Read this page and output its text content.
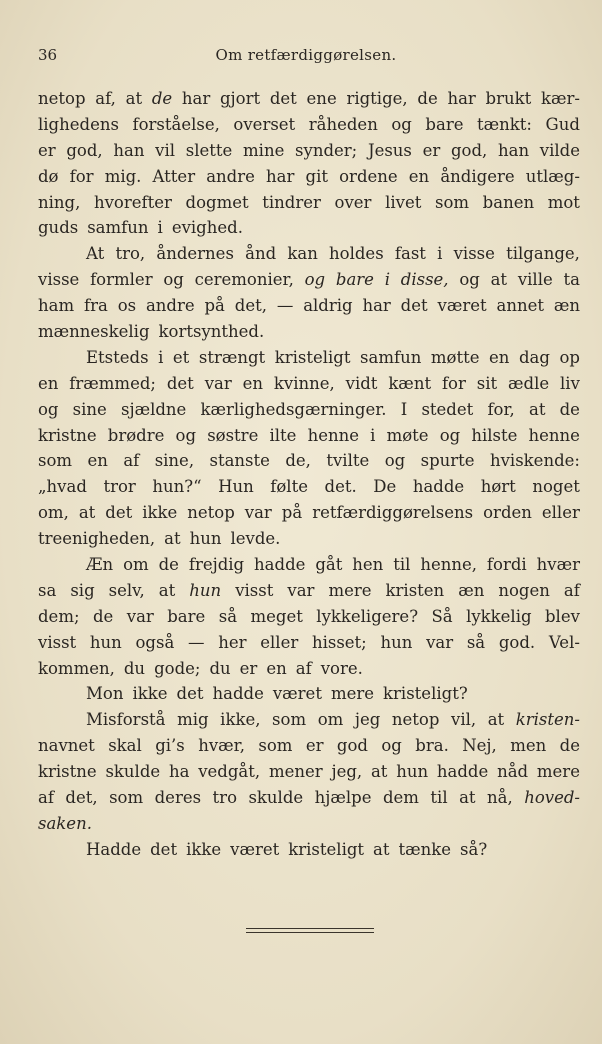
36	Om retfærdiggørelsen.
netop af, at de har gjort det ene rigtige, de har brukt kær-
lighedens forståelse, overset råheden og bare tænkt: Gud
er god, han vil slette mine synder; Jesus er god, han vilde
dø for mig. Atter andre har git ordene en åndigere utlæg-
ning, hvorefter dogmet tindrer over livet som banen mot
guds samfun i evighed.
At tro, åndernes ånd kan holdes fast i visse tilgange,
visse formler og ceremonier, og bare i disse, og at ville ta
ham fra os andre på det, — aldrig har det været annet æn
mænneskelig kortsynthed.
Etsteds i et strængt kristeligt samfun møtte en dag op
en fræmmed; det var en kvinne, vidt kænt for sit ædle liv
og sine sjældne kærlighedsgærninger. I stedet for, at de
kristne brødre og søstre ilte henne i møte og hilste henne
som en af sine, stanste de, tvilte og spurte hviskende:
„hvad tror hun?“ Hun følte det. De hadde hørt noget
om, at det ikke netop var på retfærdiggørelsens orden eller
treenigheden, at hun levde.
Æn om de frejdig hadde gåt hen til henne, fordi hvær
sa sig selv, at hun visst var mere kristen æn nogen af
dem; de var bare så meget lykkeligere? Så lykkelig blev
visst hun også — her eller hisset; hun var så god. Vel-
kommen, du gode; du er en af vore.
Mon ikke det hadde været mere kristeligt?
Misforstå mig ikke, som om jeg netop vil, at kristen-
navnet skal gi’s hvær, som er god og bra. Nej, men de
kristne skulde ha vedgåt, mener jeg, at hun hadde nåd mere
af det, som deres tro skulde hjælpe dem til at nå, hoved-
saken.
Hadde det ikke været kristeligt at tænke så?
